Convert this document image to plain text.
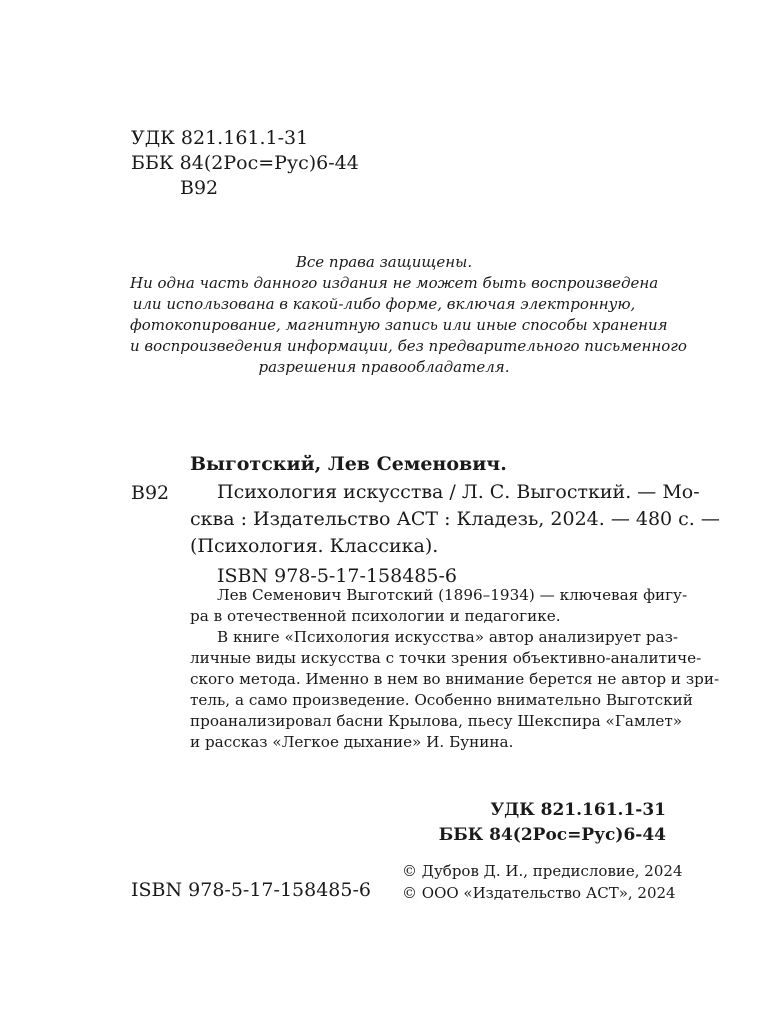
УДК 821.161.1-31
ББК 84(2Рос=Рус)6-44
В92
Все права защищены.
Ни одна часть данного издания не может быть воспроизведена
или использована в какой-либо форме, включая электронную,
фотокопирование, магнитную запись или иные способы хранения
и воспроизведения информации, без предварительного письменного
разрешения правообладателя.
Выготский, Лев Семенович.
В92	Психология искусства / Л. С. Выгосткий. — Мо-
сква : Издательство АСТ : Кладезь, 2024. — 480 с. —
(Психология. Классика).
ISBN 978-5-17-158485-6
Лев Семенович Выготский (1896–1934) — ключевая фигу-
ра в отечественной психологии и педагогике.
В книге «Психология искусства» автор анализирует раз-
личные виды искусства с точки зрения объективно-аналитиче-
ского метода. Именно в нем во внимание берется не автор и зри-
тель, а само произведение. Особенно внимательно Выготский
проанализировал басни Крылова, пьесу Шекспира «Гамлет»
и рассказ «Легкое дыхание» И. Бунина.
УДК 821.161.1-31
ББК 84(2Рос=Рус)6-44
ISBN 978-5-17-158485-6
© Дубров Д. И., предисловие, 2024
© ООО «Издательство АСТ», 2024
